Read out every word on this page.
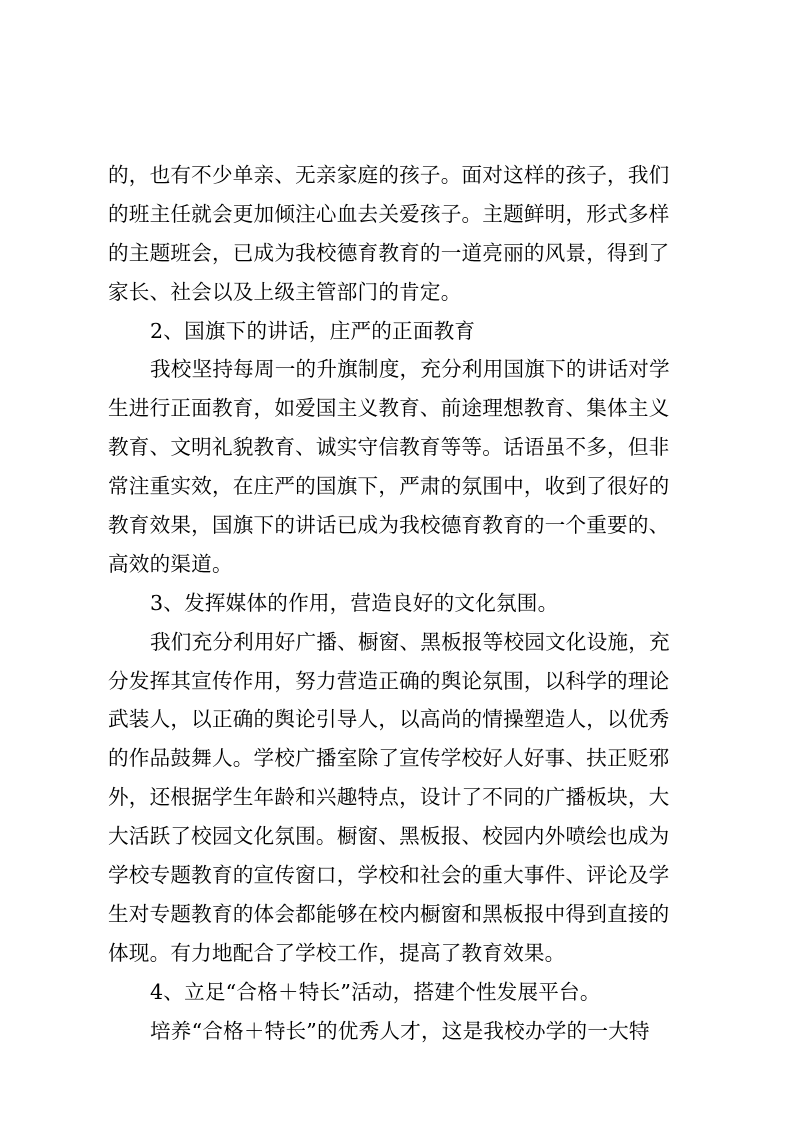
的，也有不少单亲、无亲家庭的孩子。面对这样的孩子，我们
的班主任就会更加倾注心血去关爱孩子。主题鲜明，形式多样
的主题班会，已成为我校德育教育的一道亮丽的风景，得到了
家长、社会以及上级主管部门的肯定。
2、国旗下的讲话，庄严的正面教育
我校坚持每周一的升旗制度，充分利用国旗下的讲话对学
生进行正面教育，如爱国主义教育、前途理想教育、集体主义
教育、文明礼貌教育、诚实守信教育等等。话语虽不多，但非
常注重实效，在庄严的国旗下，严肃的氛围中，收到了很好的
教育效果，国旗下的讲话已成为我校德育教育的一个重要的、
高效的渠道。
3、发挥媒体的作用，营造良好的文化氛围。
我们充分利用好广播、橱窗、黑板报等校园文化设施，充
分发挥其宣传作用，努力营造正确的舆论氛围，以科学的理论
武装人，以正确的舆论引导人，以高尚的情操塑造人，以优秀
的作品鼓舞人。学校广播室除了宣传学校好人好事、扶正贬邪
外，还根据学生年龄和兴趣特点，设计了不同的广播板块，大
大活跃了校园文化氛围。橱窗、黑板报、校园内外喷绘也成为
学校专题教育的宣传窗口，学校和社会的重大事件、评论及学
生对专题教育的体会都能够在校内橱窗和黑板报中得到直接的
体现。有力地配合了学校工作，提高了教育效果。
4、立足“合格＋特长”活动，搭建个性发展平台。
培养“合格＋特长”的优秀人才，这是我校办学的一大特
